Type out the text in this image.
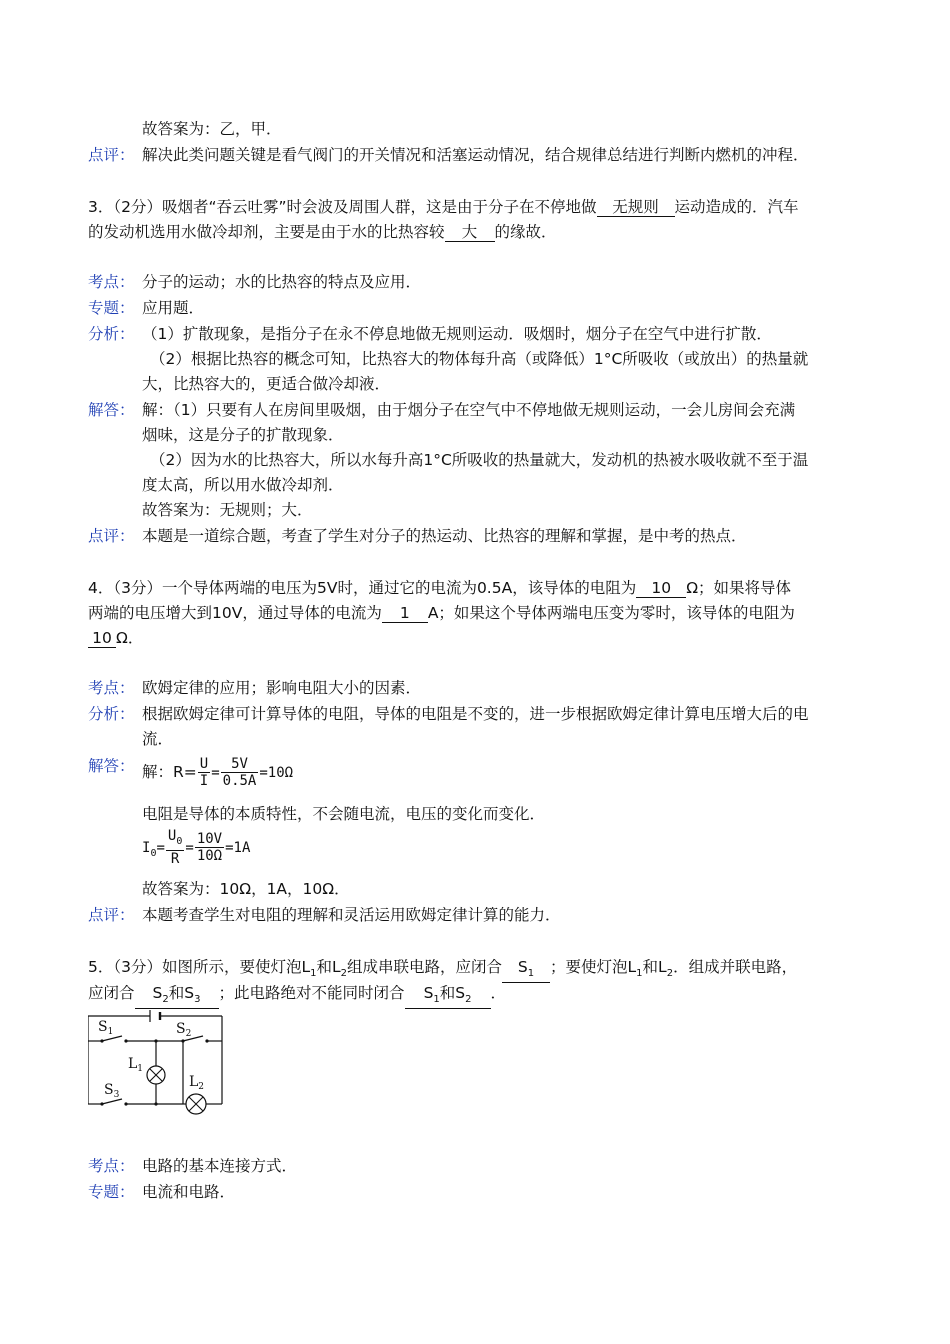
故答案为：乙，甲．
点评： 解决此类问题关键是看气阀门的开关情况和活塞运动情况，结合规律总结进行判断内燃机的冲程．
3．（2分）吸烟者“吞云吐雾”时会波及周围人群，这是由于分子在不停地做 无规则 运动造成的．汽车
的发动机选用水做冷却剂，主要是由于水的比热容较 大 的缘故．
考点： 分子的运动；水的比热容的特点及应用．
专题： 应用题．
分析： （1）扩散现象，是指分子在永不停息地做无规则运动．吸烟时，烟分子在空气中进行扩散．
（2）根据比热容的概念可知，比热容大的物体每升高（或降低）1°C所吸收（或放出）的热量就
大，比热容大的，更适合做冷却液．
解答： 解：（1）只要有人在房间里吸烟，由于烟分子在空气中不停地做无规则运动，一会儿房间会充满
烟味，这是分子的扩散现象．
（2）因为水的比热容大，所以水每升高1°C所吸收的热量就大，发动机的热被水吸收就不至于温
度太高，所以用水做冷却剂．
故答案为：无规则；大．
点评： 本题是一道综合题，考查了学生对分子的热运动、比热容的理解和掌握，是中考的热点．
4．（3分）一个导体两端的电压为5V时，通过它的电流为0.5A，该导体的电阻为 10 Ω；如果将导体
两端的电压增大到10V，通过导体的电流为 1 A；如果这个导体两端电压变为零时，该导体的电阻为
10 Ω．
考点： 欧姆定律的应用；影响电阻大小的因素．
分析： 根据欧姆定律可计算导体的电阻，导体的电阻是不变的，进一步根据欧姆定律计算电压增大后的电
流．
解答： 解：$R= \frac{U}{I} = \frac{5V}{0.5A} =10\Omega$
电阻是导体的本质特性，不会随电流，电压的变化而变化．
$I_0= \frac{U_0}{R} = \frac{10V}{10\Omega} =1A$
故答案为：10Ω，1A，10Ω．
点评： 本题考查学生对电阻的理解和灵活运用欧姆定律计算的能力．
5．（3分）如图所示，要使灯泡$L_1$和$L_2$组成串联电路，应闭合 $S_1$ ；要使灯泡$L_1$和$L_2$．组成并联电路，
应闭合 $S_2$和$S_3$ ；此电路绝对不能同时闭合 $S_1$和$S_2$ ．
$S_1$	$S_2$
$L_1$
$L_2$
$S_3$
考点： 电路的基本连接方式．
专题： 电流和电路．
